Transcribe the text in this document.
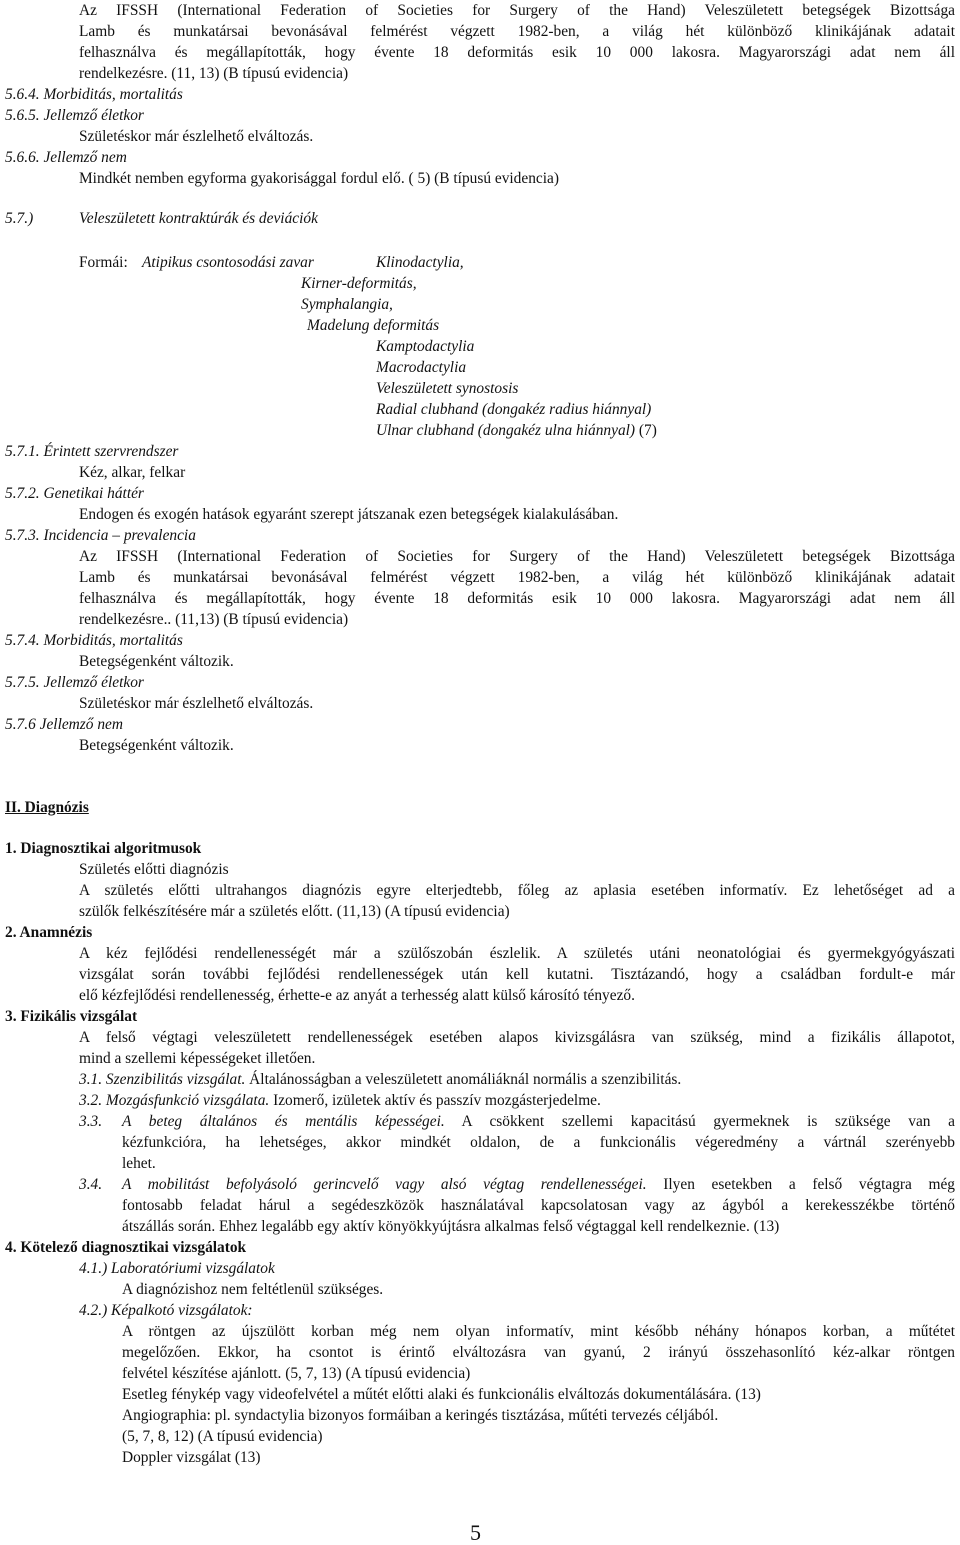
Az IFSSH (International Federation of Societies for Surgery of the Hand) Veleszületett betegségek Bizottsága
Lamb és munkatársai bevonásával felmérést végzett 1982-ben, a világ hét különböző klinikájának adatait
felhasználva és megállapították, hogy évente 18 deformitás esik 10 000 lakosra. Magyarországi adat nem áll
rendelkezésre. (11, 13) (B típusú evidencia)
5.6.4. Morbiditás, mortalitás
5.6.5. Jellemző életkor
Születéskor már észlelhető elváltozás.
5.6.6. Jellemző nem
Mindkét nemben egyforma gyakorisággal fordul elő. ( 5) (B típusú evidencia)
5.7.)	Veleszületett kontraktúrák és deviációk
Formái: Atipikus csontosodási zavar	Klinodactylia,
Kirner-deformitás,
Symphalangia,
Madelung deformitás
Kamptodactylia
Macrodactylia
Veleszületett synostosis
Radial clubhand (dongakéz radius hiánnyal)
Ulnar clubhand (dongakéz ulna hiánnyal) (7)
5.7.1. Érintett szervrendszer
Kéz, alkar, felkar
5.7.2. Genetikai háttér
Endogen és exogén hatások egyaránt szerept játszanak ezen betegségek kialakulásában.
5.7.3. Incidencia – prevalencia
Az IFSSH (International Federation of Societies for Surgery of the Hand) Veleszületett betegségek Bizottsága
Lamb és munkatársai bevonásával felmérést végzett 1982-ben, a világ hét különböző klinikájának adatait
felhasználva és megállapították, hogy évente 18 deformitás esik 10 000 lakosra. Magyarországi adat nem áll
rendelkezésre.. (11,13) (B típusú evidencia)
5.7.4. Morbiditás, mortalitás
Betegségenként változik.
5.7.5. Jellemző életkor
Születéskor már észlelhető elváltozás.
5.7.6 Jellemző nem
Betegségenként változik.
II. Diagnózis
1. Diagnosztikai algoritmusok
Születés előtti diagnózis
A születés előtti ultrahangos diagnózis egyre elterjedtebb, főleg az aplasia esetében informatív. Ez lehetőséget ad a
szülők felkészítésére már a születés előtt. (11,13) (A típusú evidencia)
2. Anamnézis
A kéz fejlődési rendellenességét már a szülőszobán észlelik. A születés utáni neonatológiai és gyermekgyógyászati
vizsgálat során további fejlődési rendellenességek után kell kutatni. Tisztázandó, hogy a családban fordult-e már
elő kézfejlődési rendellenesség, érhette-e az anyát a terhesség alatt külső károsító tényező.
3. Fizikális vizsgálat
A felső végtagi veleszületett rendellenességek esetében alapos kivizsgálásra van szükség, mind a fizikális állapotot,
mind a szellemi képességeket illetően.
3.1. Szenzibilitás vizsgálat. Általánosságban a veleszületett anomáliáknál normális a szenzibilitás.
3.2. Mozgásfunkció vizsgálata. Izomerő, izületek aktív és passzív mozgásterjedelme.
3.3. A beteg általános és mentális képességei. A csökkent szellemi kapacitású gyermeknek is szüksége van a
kézfunkcióra, ha lehetséges, akkor mindkét oldalon, de a funkcionális végeredmény a vártnál szerényebb
lehet.
3.4. A mobilitást befolyásoló gerincvelő vagy alsó végtag rendellenességei. Ilyen esetekben a felső végtagra még
fontosabb feladat hárul a segédeszközök használatával kapcsolatosan vagy az ágyból a kerekesszékbe történő
átszállás során. Ehhez legalább egy aktív könyökkyújtásra alkalmas felső végtaggal kell rendelkeznie. (13)
4. Kötelező diagnosztikai vizsgálatok
4.1.) Laboratóriumi vizsgálatok
A diagnózishoz nem feltétlenül szükséges.
4.2.) Képalkotó vizsgálatok:
A röntgen az újszülött korban még nem olyan informatív, mint később néhány hónapos korban, a műtétet
megelőzően. Ekkor, ha csontot is érintő elváltozásra van gyanú, 2 irányú összehasonlító kéz-alkar röntgen
felvétel készítése ajánlott. (5, 7, 13) (A típusú evidencia)
Esetleg fénykép vagy videofelvétel a műtét előtti alaki és funkcionális elváltozás dokumentálására. (13)
Angiographia: pl. syndactylia bizonyos formáiban a keringés tisztázása, műtéti tervezés céljából.
(5, 7, 8, 12) (A típusú evidencia)
Doppler vizsgálat (13)
5
